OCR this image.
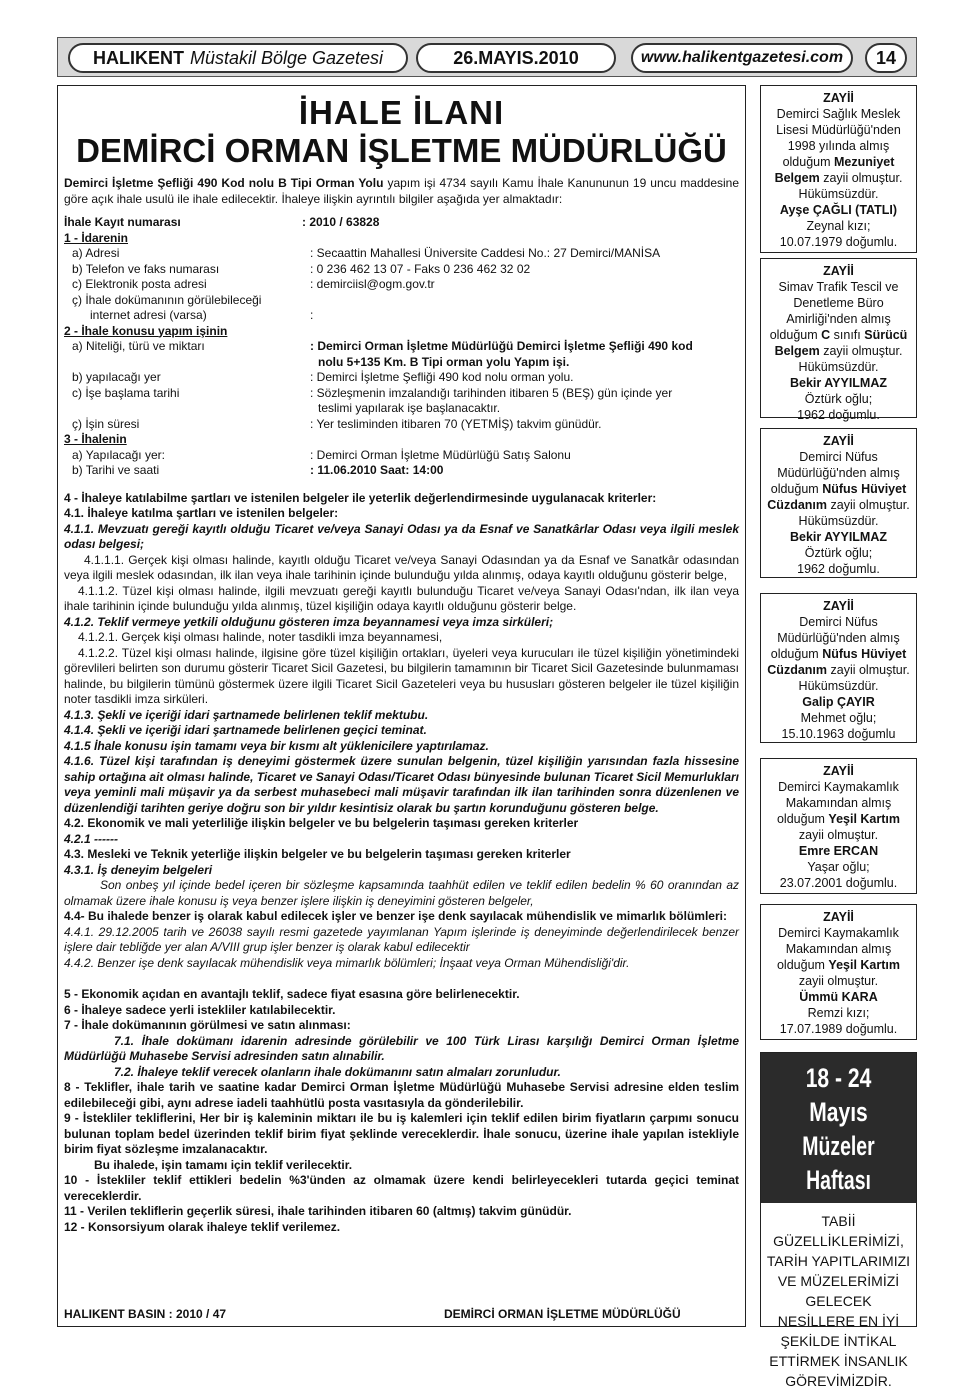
HALIKENT Müstakil Bölge Gazetesi	26.MAYIS.2010	www.halikentgazetesi.com	14
İHALE İLANI
DEMİRCİ ORMAN İŞLETME MÜDÜRLÜĞÜ
Demirci İşletme Şefliği 490 Kod nolu B Tipi Orman Yolu yapım işi 4734 sayılı Kamu İhale Kanununun 19 uncu maddesine göre açık ihale usulü ile ihale edilecektir. İhaleye ilişkin ayrıntılı bilgiler aşağıda yer almaktadır:
İhale Kayıt numarası	: 2010 / 63828
1 - İdarenin
a) Adresi	: Secaattin Mahallesi Üniversite Caddesi No.: 27 Demirci/MANİSA
b) Telefon ve faks numarası	: 0 236 462 13 07 - Faks 0 236 462 32 02
c) Elektronik posta adresi	: demirciisl@ogm.gov.tr
ç) İhale dokümanının görülebileceği
internet adresi (varsa)	:
2 - İhale konusu yapım işinin
a) Niteliği, türü ve miktarı	: Demirci Orman İşletme Müdürlüğü Demirci İşletme Şefliği 490 kod
nolu 5+135 Km. B Tipi orman yolu Yapım işi.
b) yapılacağı yer	: Demirci İşletme Şefliği 490 kod nolu orman yolu.
c) İşe başlama tarihi	: Sözleşmenin imzalandığı tarihinden itibaren 5 (BEŞ) gün içinde yer
teslimi yapılarak işe başlanacaktır.
ç) İşin süresi	: Yer tesliminden itibaren 70 (YETMİŞ) takvim günüdür.
3 - İhalenin
a) Yapılacağı yer:	: Demirci Orman İşletme Müdürlüğü Satış Salonu
b) Tarihi ve saati	: 11.06.2010 Saat: 14:00
4 - İhaleye katılabilme şartları ve istenilen belgeler ile yeterlik değerlendirmesinde uygulanacak kriterler:
4.1. İhaleye katılma şartları ve istenilen belgeler:
4.1.1. Mevzuatı gereği kayıtlı olduğu Ticaret ve/veya Sanayi Odası ya da Esnaf ve Sanatkârlar Odası veya ilgili meslek odası belgesi;
4.1.1.1. Gerçek kişi olması halinde, kayıtlı olduğu Ticaret ve/veya Sanayi Odasından ya da Esnaf ve Sanatkâr odasından veya ilgili meslek odasından, ilk ilan veya ihale tarihinin içinde bulunduğu yılda alınmış, odaya kayıtlı olduğunu gösterir belge,
4.1.1.2. Tüzel kişi olması halinde, ilgili mevzuatı gereği kayıtlı bulunduğu Ticaret ve/veya Sanayi Odası'ndan, ilk ilan veya ihale tarihinin içinde bulunduğu yılda alınmış, tüzel kişiliğin odaya kayıtlı olduğunu gösterir belge.
4.1.2. Teklif vermeye yetkili olduğunu gösteren imza beyannamesi veya imza sirküleri;
4.1.2.1. Gerçek kişi olması halinde, noter tasdikli imza beyannamesi,
4.1.2.2. Tüzel kişi olması halinde, ilgisine göre tüzel kişiliğin ortakları, üyeleri veya kurucuları ile tüzel kişiliğin yönetimindeki görevlileri belirten son durumu gösterir Ticaret Sicil Gazetesi, bu bilgilerin tamamının bir Ticaret Sicil Gazetesinde bulunmaması halinde, bu bilgilerin tümünü göstermek üzere ilgili Ticaret Sicil Gazeteleri veya bu hususları gösteren belgeler ile tüzel kişiliğin noter tasdikli imza sirküleri.
4.1.3. Şekli ve içeriği idari şartnamede belirlenen teklif mektubu.
4.1.4. Şekli ve içeriği idari şartnamede belirlenen geçici teminat.
4.1.5 İhale konusu işin tamamı veya bir kısmı alt yüklenicilere yaptırılamaz.
4.1.6. Tüzel kişi tarafından iş deneyimi göstermek üzere sunulan belgenin, tüzel kişiliğin yarısından fazla hissesine sahip ortağına ait olması halinde, Ticaret ve Sanayi Odası/Ticaret Odası bünyesinde bulunan Ticaret Sicil Memurlukları veya yeminli mali müşavir ya da serbest muhasebeci mali müşavir tarafından ilk ilan tarihinden sonra düzenlenen ve düzenlendiği tarihten geriye doğru son bir yıldır kesintisiz olarak bu şartın korunduğunu gösteren belge.
4.2. Ekonomik ve mali yeterliliğe ilişkin belgeler ve bu belgelerin taşıması gereken kriterler
4.2.1 ------
4.3. Mesleki ve Teknik yeterliğe ilişkin belgeler ve bu belgelerin taşıması gereken kriterler
4.3.1. İş deneyim belgeleri
Son onbeş yıl içinde bedel içeren bir sözleşme kapsamında taahhüt edilen ve teklif edilen bedelin % 60 oranından az olmamak üzere ihale konusu iş veya benzer işlere ilişkin iş deneyimini gösteren belgeler,
4.4- Bu ihalede benzer iş olarak kabul edilecek işler ve benzer işe denk sayılacak mühendislik ve mimarlık bölümleri:
4.4.1. 29.12.2005 tarih ve 26038 sayılı resmi gazetede yayımlanan Yapım işlerinde iş deneyiminde değerlendirilecek benzer işlere dair tebliğde yer alan A/VIII grup işler benzer iş olarak kabul edilecektir
4.4.2. Benzer işe denk sayılacak mühendislik veya mimarlık bölümleri; İnşaat veya Orman Mühendisliği'dir.
5 - Ekonomik açıdan en avantajlı teklif, sadece fiyat esasına göre belirlenecektir.
6 - İhaleye sadece yerli istekliler katılabilecektir.
7 - İhale dokümanının görülmesi ve satın alınması:
7.1. İhale dokümanı idarenin adresinde görülebilir ve 100 Türk Lirası karşılığı Demirci Orman İşletme Müdürlüğü Muhasebe Servisi adresinden satın alınabilir.
7.2. İhaleye teklif verecek olanların ihale dokümanını satın almaları zorunludur.
8 - Teklifler, ihale tarih ve saatine kadar Demirci Orman İşletme Müdürlüğü Muhasebe Servisi adresine elden teslim edilebileceği gibi, aynı adrese iadeli taahhütlü posta vasıtasıyla da gönderilebilir.
9 - İstekliler tekliflerini, Her bir iş kaleminin miktarı ile bu iş kalemleri için teklif edilen birim fiyatların çarpımı sonucu bulunan toplam bedel üzerinden teklif birim fiyat şeklinde vereceklerdir. İhale sonucu, üzerine ihale yapılan istekliyle birim fiyat sözleşme imzalanacaktır.
Bu ihalede, işin tamamı için teklif verilecektir.
10 - İstekliler teklif ettikleri bedelin %3'ünden az olmamak üzere kendi belirleyecekleri tutarda geçici teminat vereceklerdir.
11 - Verilen tekliflerin geçerlik süresi, ihale tarihinden itibaren 60 (altmış) takvim günüdür.
12 - Konsorsiyum olarak ihaleye teklif verilemez.
HALIKENT BASIN : 2010 / 47	DEMİRCİ ORMAN İŞLETME MÜDÜRLÜĞÜ
ZAYİİ
Demirci Sağlık Meslek Lisesi Müdürlüğü'nden 1998 yılında almış olduğum Mezuniyet Belgem zayii olmuştur. Hükümsüzdür.
Ayşe ÇAĞLI (TATLI)
Zeynal kızı;
10.07.1979 doğumlu.
ZAYİİ
Simav Trafik Tescil ve Denetleme Büro Amirliği'nden almış olduğum C sınıfı Sürücü Belgem zayii olmuştur. Hükümsüzdür.
Bekir AYYILMAZ
Öztürk oğlu;
1962 doğumlu.
ZAYİİ
Demirci Nüfus Müdürlüğü'nden almış olduğum Nüfus Hüviyet Cüzdanım zayii olmuştur. Hükümsüzdür.
Bekir AYYILMAZ
Öztürk oğlu;
1962 doğumlu.
ZAYİİ
Demirci Nüfus Müdürlüğü'nden almış olduğum Nüfus Hüviyet Cüzdanım zayii olmuştur. Hükümsüzdür.
Galip ÇAYIR
Mehmet oğlu;
15.10.1963 doğumlu
ZAYİİ
Demirci Kaymakamlık Makamından almış olduğum Yeşil Kartım zayii olmuştur.
Emre ERCAN
Yaşar oğlu;
23.07.2001 doğumlu.
ZAYİİ
Demirci Kaymakamlık Makamından almış olduğum Yeşil Kartım zayii olmuştur.
Ümmü KARA
Remzi kızı;
17.07.1989 doğumlu.
18 - 24 Mayıs
Müzeler Haftası
TABİİ GÜZELLİKLERİMİZİ, TARİH YAPITLARIMIZI VE MÜZELERİMİZİ GELECEK NESİLLERE EN İYİ ŞEKİLDE İNTİKAL ETTİRMEK İNSANLIK GÖREVİMİZDİR.
